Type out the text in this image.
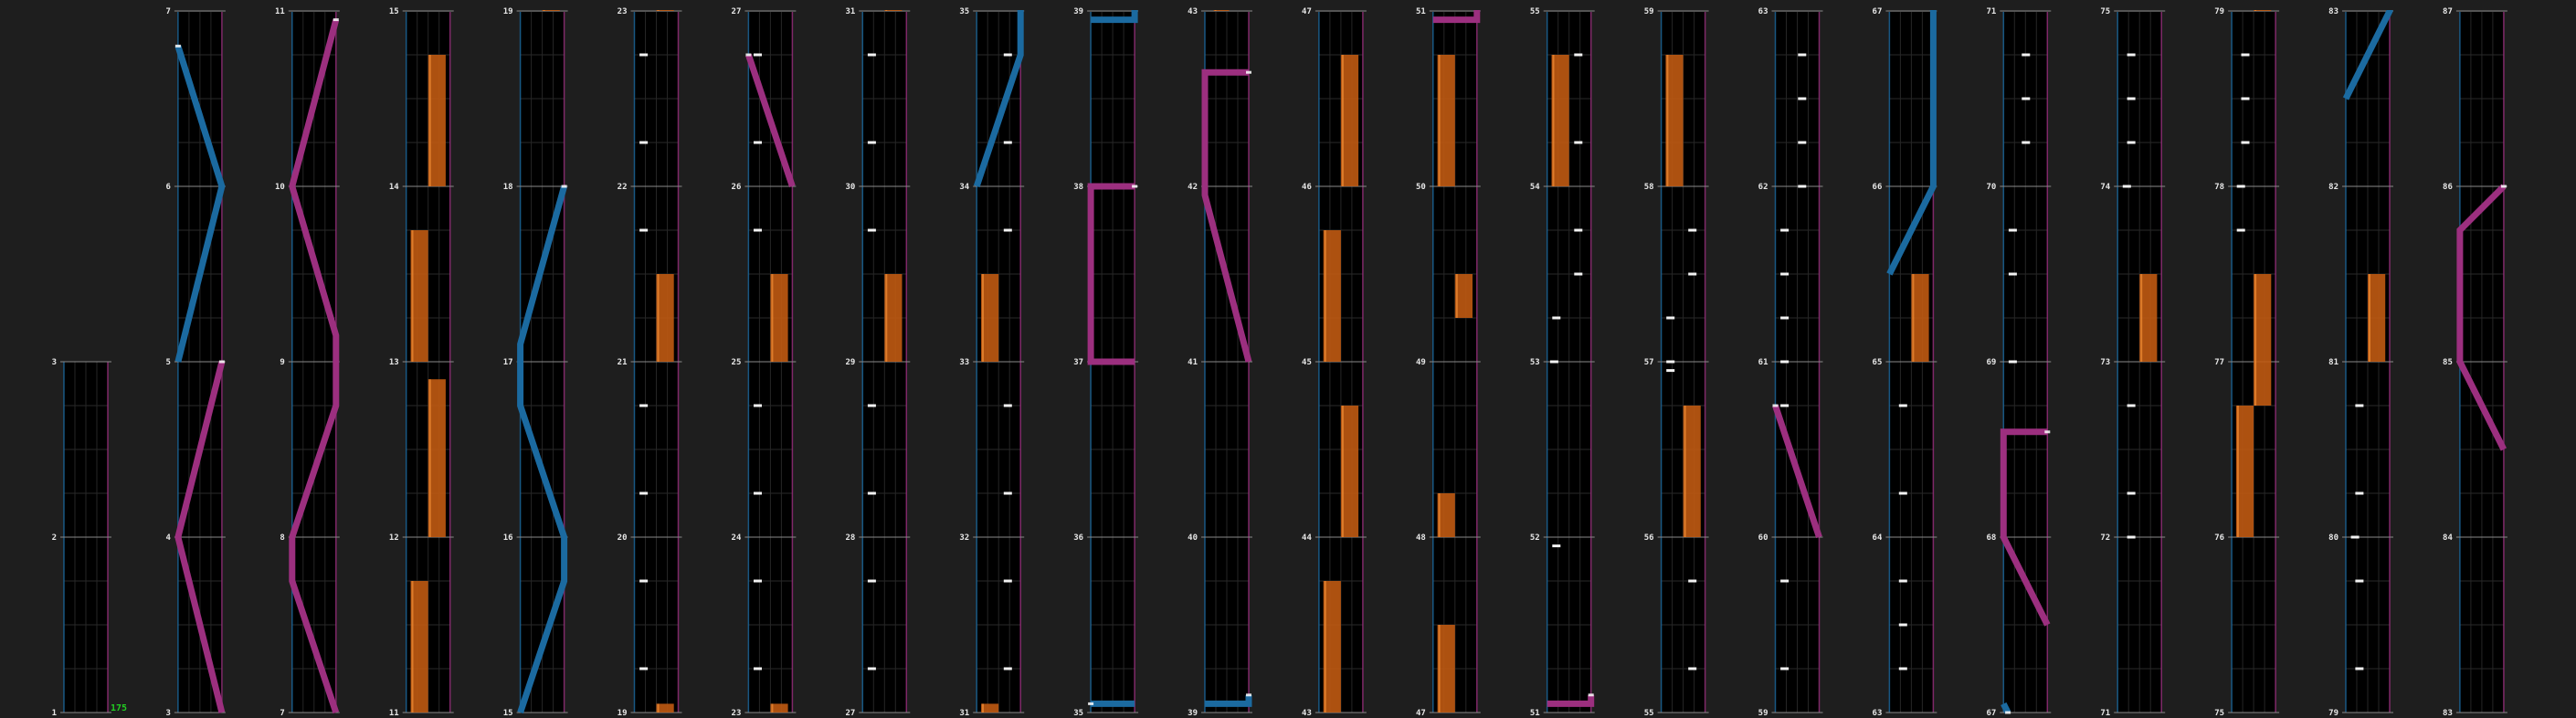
1
2
3
3
4
5
6
7
7
8
9
10
11
11
12
13
14
15
15
16
17
18
19
19
20
21
22
23
23
24
25
26
27
27
28
29
30
31
31
32
33
34
35
35
36
37
38
39
39
40
41
42
43
43
44
45
46
47
47
48
49
50
51
51
52
53
54
55
55
56
57
58
59
59
60
61
62
63
63
64
65
66
67
67
68
69
70
71
71
72
73
74
75
75
76
77
78
79
79
80
81
82
83
83
84
85
86
87
175
